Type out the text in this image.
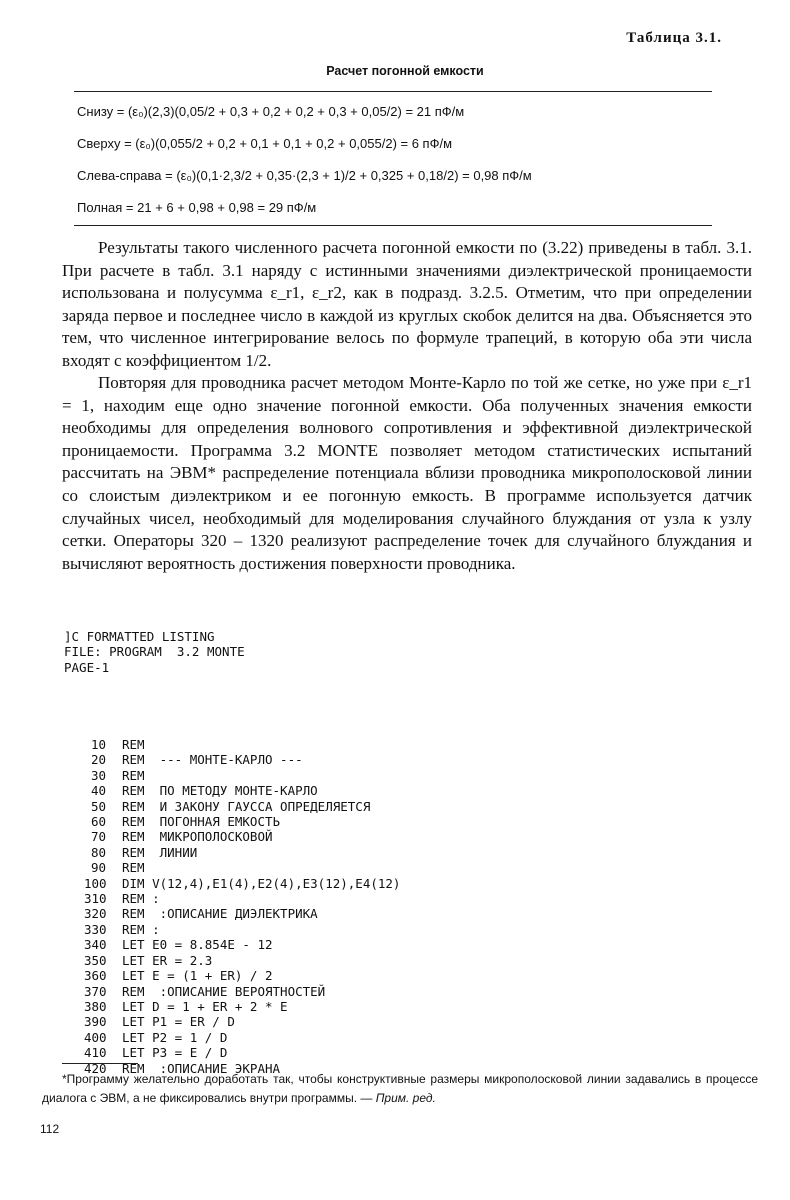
Таблица 3.1.
Расчет погонной емкости
Снизу = (ε₀)(2,3)(0,05/2 + 0,3 + 0,2 + 0,2 + 0,3 + 0,05/2) = 21 пФ/м
Сверху = (ε₀)(0,055/2 + 0,2 + 0,1 + 0,1 + 0,2 + 0,055/2) = 6 пФ/м
Слева-справа = (ε₀)(0,1·2,3/2 + 0,35·(2,3 + 1)/2 + 0,325 + 0,18/2) = 0,98 пФ/м
Полная = 21 + 6 + 0,98 + 0,98 = 29 пФ/м

Результаты такого численного расчета погонной емкости по (3.22) приведены в табл. 3.1. При расчете в табл. 3.1 наряду с истинными значениями диэлектрической проницаемости использована и полусумма ε_r1, ε_r2, как в подразд. 3.2.5. Отметим, что при определении заряда первое и последнее число в каждой из круглых скобок делится на два. Объясняется это тем, что численное интегрирование велось по формуле трапеций, в которую оба эти числа входят с коэффициентом 1/2.

Повторяя для проводника расчет методом Монте-Карло по той же сетке, но уже при ε_r1 = 1, находим еще одно значение погонной емкости. Оба полученных значения емкости необходимы для определения волнового сопротивления и эффективной диэлектрической проницаемости. Программа 3.2 MONTE позволяет методом статистических испытаний рассчитать на ЭВМ* распределение потенциала вблизи проводника микрополосковой линии со слоистым диэлектриком и ее погонную емкость. В программе используется датчик случайных чисел, необходимый для моделирования случайного блуждания от узла к узлу сетки. Операторы 320 – 1320 реализуют распределение точек для случайного блуждания и вычисляют вероятность достижения поверхности проводника.

]C FORMATTED LISTING
FILE: PROGRAM  3.2 MONTE
PAGE-1
10 REM
20 REM  --- МОНТЕ-КАРЛО ---
30 REM
40 REM  ПО МЕТОДУ МОНТЕ-КАРЛО
50 REM  И ЗАКОНУ ГАУССА ОПРЕДЕЛЯЕТСЯ
60 REM  ПОГОННАЯ ЕМКОСТЬ
70 REM  МИКРОПОЛОСКОВОЙ
80 REM  ЛИНИИ
90 REM
100 DIM V(12,4),E1(4),E2(4),E3(12),E4(12)
310 REM :
320 REM  :ОПИСАНИЕ ДИЭЛЕКТРИКА
330 REM :
340 LET E0 = 8.854E - 12
350 LET ER = 2.3
360 LET E = (1 + ER) / 2
370 REM  :ОПИСАНИЕ ВЕРОЯТНОСТЕЙ
380 LET D = 1 + ER + 2 * E
390 LET P1 = ER / D
400 LET P2 = 1 / D
410 LET P3 = E / D
420 REM  :ОПИСАНИЕ ЭКРАНА
*Программу желательно доработать так, чтобы конструктивные размеры микрополосковой линии задавались в процессе диалога с ЭВМ, а не фиксировались внутри программы. — Прим. ред.
112
